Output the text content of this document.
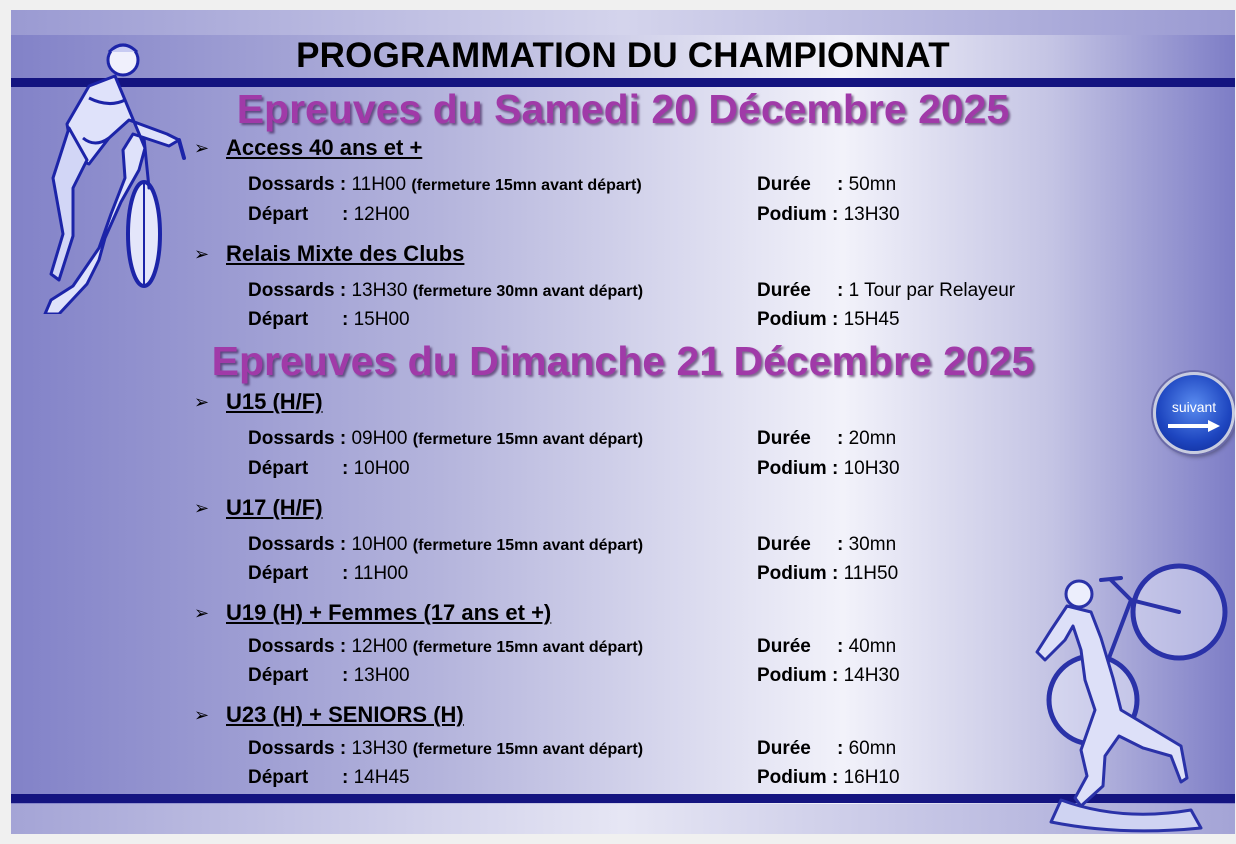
PROGRAMMATION DU CHAMPIONNAT
Epreuves du Samedi 20 Décembre 2025
➢ Access 40 ans et +
Dossards : 11H00 (fermeture 15mn avant départ)
Départ : 12H00
Durée : 50mn
Podium : 13H30
➢ Relais Mixte des Clubs
Dossards : 13H30 (fermeture 30mn avant départ)
Départ : 15H00
Durée : 1 Tour par Relayeur
Podium : 15H45
Epreuves du Dimanche 21 Décembre 2025
➢ U15 (H/F)
Dossards : 09H00 (fermeture 15mn avant départ)
Départ : 10H00
Durée : 20mn
Podium : 10H30
➢ U17 (H/F)
Dossards : 10H00 (fermeture 15mn avant départ)
Départ : 11H00
Durée : 30mn
Podium : 11H50
➢ U19 (H) + Femmes (17 ans et +)
Dossards : 12H00 (fermeture 15mn avant départ)
Départ : 13H00
Durée : 40mn
Podium : 14H30
➢ U23 (H) + SENIORS (H)
Dossards : 13H30 (fermeture 15mn avant départ)
Départ : 14H45
Durée : 60mn
Podium : 16H10
suivant
